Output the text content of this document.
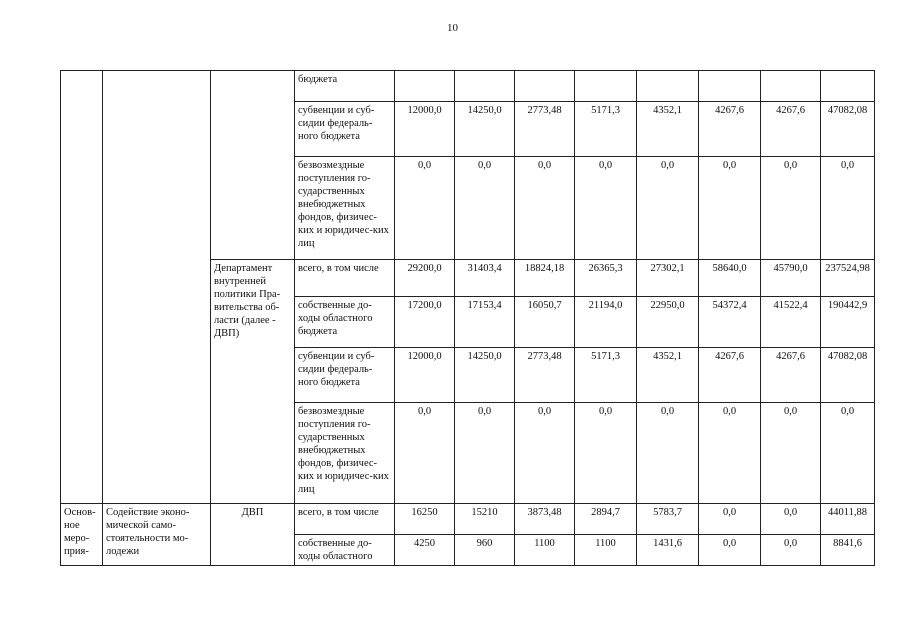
10
			бюджета								
			субвенции и суб-сидии федераль-ного бюджета	12000,0	14250,0	2773,48	5171,3	4352,1	4267,6	4267,6	47082,08
			безвозмездные поступления го-сударственных внебюджетных фондов, физичес-ких и юридичес-ких лиц	0,0	0,0	0,0	0,0	0,0	0,0	0,0	0,0
		Департамент внутренней политики Пра-вительства об-ласти (далее - ДВП)	всего, в том числе	29200,0	31403,4	18824,18	26365,3	27302,1	58640,0	45790,0	237524,98
			собственные до-ходы областного бюджета	17200,0	17153,4	16050,7	21194,0	22950,0	54372,4	41522,4	190442,9
			субвенции и суб-сидии федераль-ного бюджета	12000,0	14250,0	2773,48	5171,3	4352,1	4267,6	4267,6	47082,08
			безвозмездные поступления го-сударственных внебюджетных фондов, физичес-ких и юридичес-ких лиц	0,0	0,0	0,0	0,0	0,0	0,0	0,0	0,0
Основ-ное меро-прия-	Содействие эконо-мической само-стоятельности мо-лодежи	ДВП	всего, в том числе	16250	15210	3873,48	2894,7	5783,7	0,0	0,0	44011,88
			собственные до-ходы областного	4250	960	1100	1100	1431,6	0,0	0,0	8841,6
